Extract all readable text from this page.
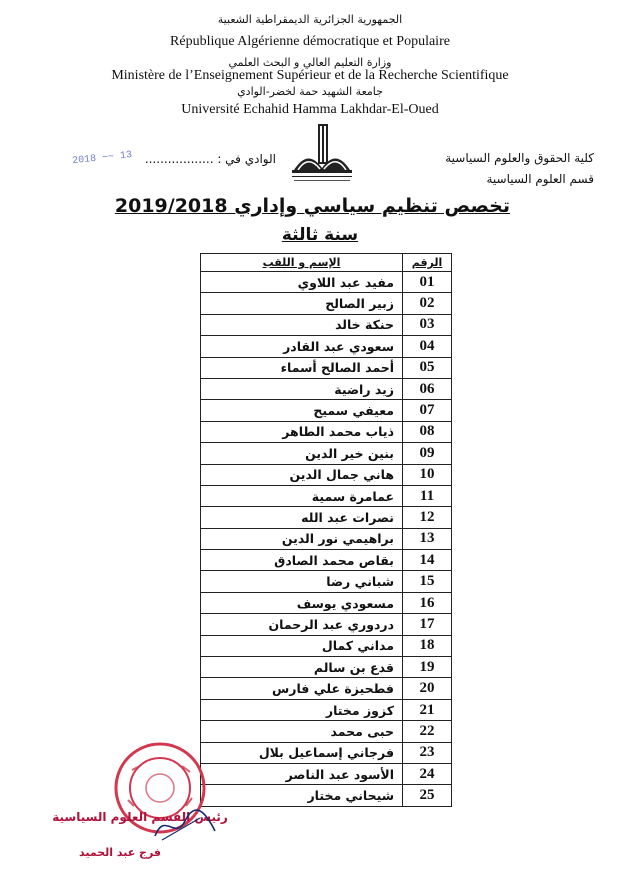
الجمهورية الجزائرية الديمقراطية الشعبية
République Algérienne démocratique et Populaire
وزارة التعليم العالي و البحث العلمي
Ministère de l’Enseignement Supérieur et de la Recherche Scientifique
جامعة الشهيد حمة لخضر-الوادي
Université Echahid Hamma Lakhdar-El-Oued
كلية الحقوق والعلوم السياسية
قسم العلوم السياسية
الوادي في : ..................
2018 ~~ 13
تخصص تنظيم سياسي وإداري 2019/2018
سنة ثالثة
الرقم	الإسم و اللقب
01	مفيد عبد اللاوي
02	زبير الصالح
03	حنكة خالد
04	سعودي عبد القادر
05	أحمد الصالح أسماء
06	زيد راضية
07	معيفي سميح
08	ذياب محمد الطاهر
09	بنين خير الدين
10	هاني جمال الدين
11	عمامرة سمية
12	نصرات عبد الله
13	براهيمي نور الدين
14	بقاص محمد الصادق
15	شباني رضا
16	مسعودي يوسف
17	دردوري عبد الرحمان
18	مداني كمال
19	قدع بن سالم
20	فطحيزة علي فارس
21	كزوز مختار
22	حبى محمد
23	فرجاني إسماعيل بلال
24	الأسود عبد الناصر
25	شيحاني مختار
رئيس القسم العلوم السياسية
فرج عبد الحميد
